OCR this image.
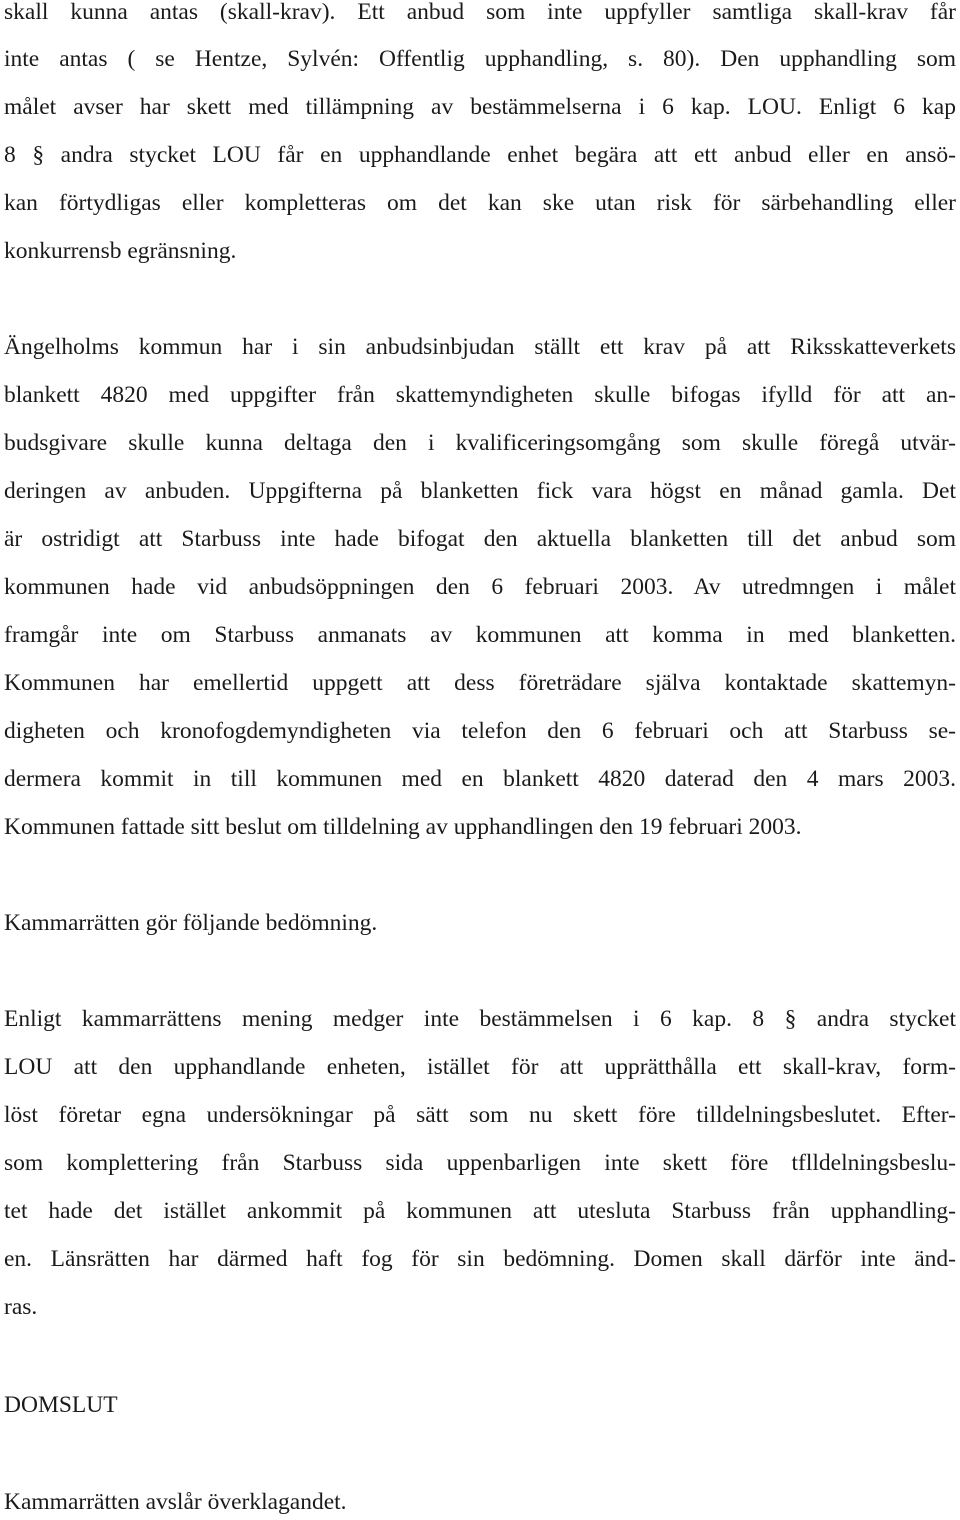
skall kunna antas (skall-krav). Ett anbud som inte uppfyller samtliga skall-krav får
inte antas ( se Hentze, Sylvén: Offentlig upphandling, s. 80). Den upphandling som
målet avser har skett med tillämpning av bestämmelserna i 6 kap. LOU. Enligt 6 kap
8 § andra stycket LOU får en upphandlande enhet begära att ett anbud eller en ansö-
kan förtydligas eller kompletteras om det kan ske utan risk för särbehandling eller
konkurrensb egränsning.
Ängelholms kommun har i sin anbudsinbjudan ställt ett krav på att Riksskatteverkets
blankett 4820 med uppgifter från skattemyndigheten skulle bifogas ifylld för att an-
budsgivare skulle kunna deltaga den i kvalificeringsomgång som skulle föregå utvär-
deringen av anbuden. Uppgifterna på blanketten fick vara högst en månad gamla. Det
är ostridigt att Starbuss inte hade bifogat den aktuella blanketten till det anbud som
kommunen hade vid anbudsöppningen den 6 februari 2003. Av utredmngen i målet
framgår inte om Starbuss anmanats av kommunen att komma in med blanketten.
Kommunen har emellertid uppgett att dess företrädare själva kontaktade skattemyn-
digheten och kronofogdemyndigheten via telefon den 6 februari och att Starbuss se-
dermera kommit in till kommunen med en blankett 4820 daterad den 4 mars 2003.
Kommunen fattade sitt beslut om tilldelning av upphandlingen den 19 februari 2003.
Kammarrätten gör följande bedömning.
Enligt kammarrättens mening medger inte bestämmelsen i 6 kap. 8 § andra stycket
LOU att den upphandlande enheten, istället för att upprätthålla ett skall-krav, form-
löst företar egna undersökningar på sätt som nu skett före tilldelningsbeslutet. Efter-
som komplettering från Starbuss sida uppenbarligen inte skett före tflldelningsbeslu-
tet hade det istället ankommit på kommunen att utesluta Starbuss från upphandling-
en. Länsrätten har därmed haft fog för sin bedömning. Domen skall därför inte änd-
ras.
DOMSLUT
Kammarrätten avslår överklagandet.
